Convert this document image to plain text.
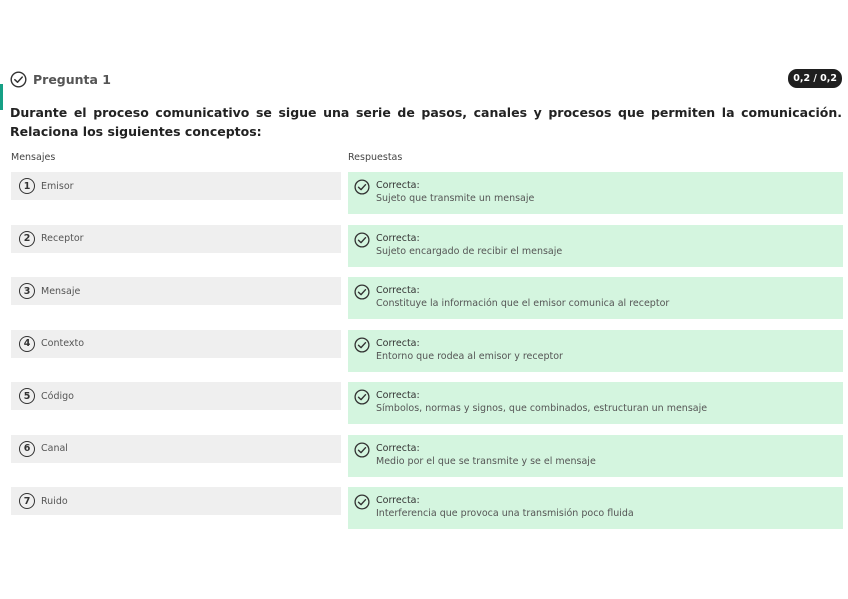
Pregunta 1	0,2 / 0,2
Durante el proceso comunicativo se sigue una serie de pasos, canales y procesos que permiten la comunicación. Relaciona los siguientes conceptos:
Mensajes	Respuestas
1	Emisor	Correcta:
Sujeto que transmite un mensaje
2	Receptor	Correcta:
Sujeto encargado de recibir el mensaje
3	Mensaje	Correcta:
Constituye la información que el emisor comunica al receptor
4	Contexto	Correcta:
Entorno que rodea al emisor y receptor
5	Código	Correcta:
Símbolos, normas y signos, que combinados, estructuran un mensaje
6	Canal	Correcta:
Medio por el que se transmite y se el mensaje
7	Ruido	Correcta:
Interferencia que provoca una transmisión poco fluida
